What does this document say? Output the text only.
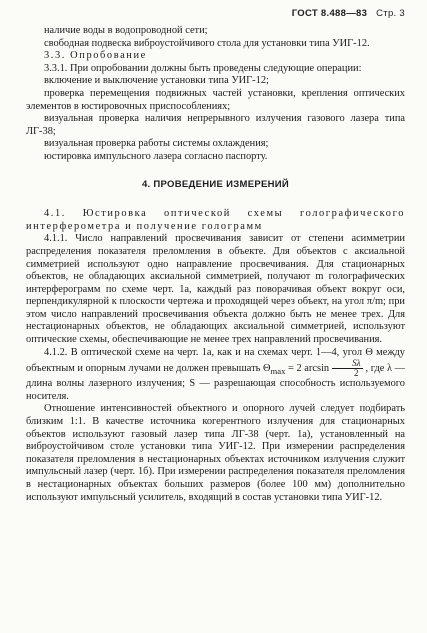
ГОСТ 8.488—83 Стр. 3

наличие воды в водопроводной сети;

свободная подвеска виброустойчивого стола для установки типа УИГ-12.

3.3. Опробование

3.3.1. При опробовании должны быть проведены следующие операции:

включение и выключение установки типа УИГ-12;

проверка перемещения подвижных частей установки, крепления оптических элементов в юстировочных приспособлениях;

визуальная проверка наличия непрерывного излучения газового лазера типа ЛГ-38;

визуальная проверка работы системы охлаждения;

юстировка импульсного лазера согласно паспорту.

4. ПРОВЕДЕНИЕ ИЗМЕРЕНИЙ

4.1. Юстировка оптической схемы голографического интерферометра и получение голограмм

4.1.1. Число направлений просвечивания зависит от степени асимметрии распределения показателя преломления в объекте. Для объектов с аксиальной симметрией используют одно направление просвечивания. Для стационарных объектов, не обладающих аксиальной симметрией, получают m голографических интерферограмм по схеме черт. 1а, каждый раз поворачивая объект вокруг оси, перпендикулярной к плоскости чертежа и проходящей через объект, на угол π/m; при этом число направлений просвечивания объекта должно быть не менее трех. Для нестационарных объектов, не обладающих аксиальной симметрией, используют оптические схемы, обеспечивающие не менее трех направлений просвечивания.

4.1.2. В оптической схеме на черт. 1а, как и на схемах черт. 1—4, угол Θ между объектным и опорным лучами не должен превышать $\Theta_{max} = 2$ $\arcsin \frac{S\lambda}{2}$ , где λ — длина волны лазерного излучения; S — разрешающая способность используемого носителя.

Отношение интенсивностей объектного и опорного лучей следует подбирать близким 1:1. В качестве источника когерентного излучения для стационарных объектов используют газовый лазер типа ЛГ-38 (черт. 1а), установленный на виброустойчивом столе установки типа УИГ-12. При измерении распределения показателя преломления в нестационарных объектах источником излучения служит импульсный лазер (черт. 1б). При измерении распределения показателя преломления в нестационарных объектах больших размеров (более 100 мм) дополнительно используют импульсный усилитель, входящий в состав установки типа УИГ-12.
